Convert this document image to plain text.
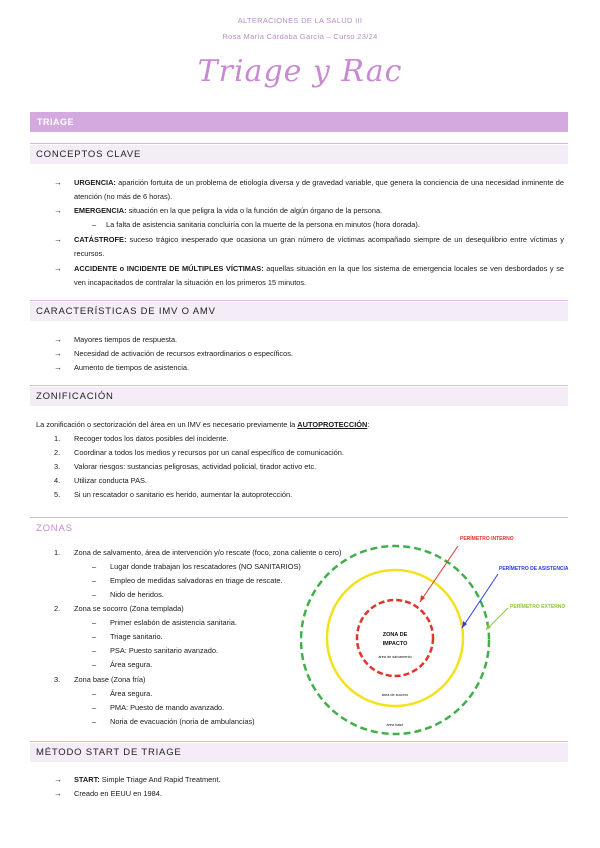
ALTERACIONES DE LA SALUD III
Rosa María Cárdaba García – Curso 23/24
Triage y Rac
TRIAGE
CONCEPTOS CLAVE
→	URGENCIA: aparición fortuita de un problema de etiología diversa y de gravedad variable, que genera la conciencia de una necesidad inminente de atención (no más de 6 horas).
→	EMERGENCIA: situación en la que peligra la vida o la función de algún órgano de la persona.
–	La falta de asistencia sanitaria concluiría con la muerte de la persona en minutos (hora dorada).
→	CATÁSTROFE: suceso trágico inesperado que ocasiona un gran número de víctimas acompañado siempre de un desequilibrio entre víctimas y recursos.
→	ACCIDENTE o INCIDENTE DE MÚLTIPLES VÍCTIMAS: aquellas situación en la que los sistema de emergencia locales se ven desbordados y se ven incapacitados de contralar la situación en los primeros 15 minutos.
CARACTERÍSTICAS DE IMV O AMV
→	Mayores tiempos de respuesta.
→	Necesidad de activación de recursos extraordinarios o específicos.
→	Aumento de tiempos de asistencia.
ZONIFICACIÓN
La zonificación o sectorización del área en un IMV es necesario previamente la AUTOPROTECCIÓN:
1.	Recoger todos los datos posibles del incidente.
2.	Coordinar a todos los medios y recursos por un canal específico de comunicación.
3.	Valorar riesgos: sustancias peligrosas, actividad policial, tirador activo etc.
4.	Utilizar conducta PAS.
5.	Si un rescatador o sanitario es herido, aumentar la autoprotección.
ZONAS
1.	Zona de salvamento, área de intervención y/o rescate (foco, zona caliente o cero)
–	Lugar donde trabajan los rescatadores (NO SANITARIOS)
–	Empleo de medidas salvadoras en triage de rescate.
–	Nido de heridos.
2.	Zona se socorro (Zona templada)
–	Primer eslabón de asistencia sanitaria.
–	Triage sanitario.
–	PSA: Puesto sanitario avanzado.
–	Área segura.
3.	Zona base (Zona fría)
–	Área segura.
–	PMA: Puesto de mando avanzado.
–	Noria de evacuación (noria de ambulancias)
ZONA DE IMPACTO
área de salvamento
área de socorro
área base
PERÍMETRO INTERNO
PERÍMETRO DE ASISTENCIA
PERÍMETRO EXTERNO
MÉTODO START DE TRIAGE
→	START: Simple Triage And Rapid Treatment.
→	Creado en EEUU en 1984.
